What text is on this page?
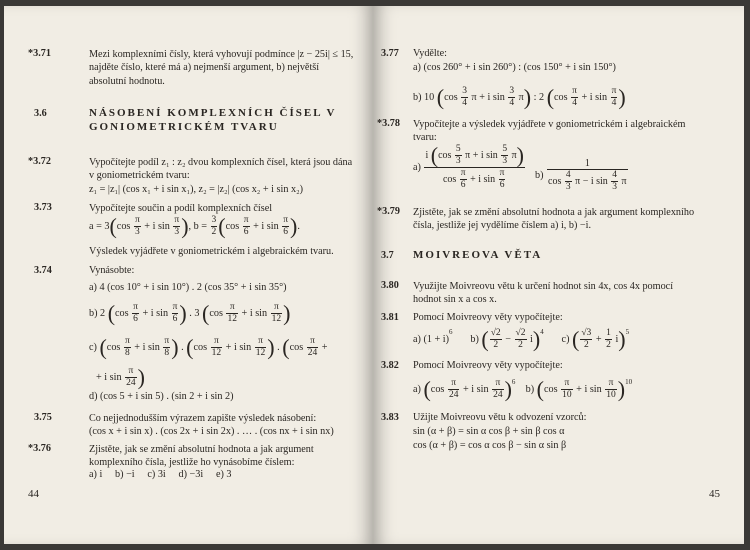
*3.71	Mezi komplexními čísly, která vyhovují podmínce |z − 25i| ≤ 15, najděte číslo, které má a) nejmenší argument, b) největší absolutní hodnotu.
3.6	NÁSOBENÍ KOMPLEXNÍCH ČÍSEL V GONIOMETRICKÉM TVARU
*3.72	Vypočítejte podíl z₁ : z₂ dvou komplexních čísel, která jsou dána v goniometrickém tvaru:
z₁ = |z₁| (cos x₁ + i sin x₁), z₂ = |z₂| (cos x₂ + i sin x₂)
3.73	Vypočítejte součin a podíl komplexních čísel
$a = 3(\cos \frac{\pi}{3} + i$ $\sin \frac{\pi}{3}$ ), $b = \frac{3}{2} (\cos \frac{\pi}{6} + i$ $\sin \frac{\pi}{6}$ ).
Výsledek vyjádřete v goniometrickém i algebraickém tvaru.
3.74	Vynásobte:
a) 4 (cos 10° + i sin 10°) . 2 (cos 35° + i sin 35°)
b) 2 ($\cos \frac{\pi}{6} + i$ $\sin \frac{\pi}{6}$ ) . 3 ($\cos \frac{\pi}{12} + i$ $\sin \frac{\pi}{12}$ )
c) ($\cos \frac{\pi}{8} + i$ $\sin \frac{\pi}{8}$ ) . ($\cos \frac{\pi}{12} + i$ $\sin \frac{\pi}{12}$ ) . ($\cos \frac{\pi}{24}$ +
+ i $\sin \frac{\pi}{24}$ )
d) (cos 5 + i sin 5) . (sin 2 + i sin 2)
3.75	Co nejjednodušším výrazem zapište výsledek násobení:
(cos x + i sin x) . (cos 2x + i sin 2x) . … . (cos nx + i sin nx)
*3.76	Zjistěte, jak se změní absolutní hodnota a jak argument komplexního čísla, jestliže ho vynásobíme číslem:
a) i b) −i c) 3i d) −3i e) 3
44
3.77 Vydělte:
a) (cos 260° + i sin 260°) : (cos 150° + i sin 150°)
b) 10 ($\cos \frac{3}{4}$ π + i $\sin \frac{3}{4} \pi$) : 2 ($\cos \frac{\pi}{4} + i$ $\sin \frac{\pi}{4}$ )
*3.78 Vypočítejte a výsledek vyjádřete v goniometrickém i algebraickém tvaru:
$a) \frac{i (\cos \frac{5}{3} \pi + i \sin \frac{5}{3} \pi)}{\cos \frac{\pi}{6} + i \sin \frac{\pi}{6}} b) \frac{1}{\cos \frac{4}{3} \pi - i \sin \frac{4}{3} \pi}$
*3.79 Zjistěte, jak se změní absolutní hodnota a jak argument komplexního čísla, jestliže jej vydělíme číslem a) i, b) −i.
3.7 MOIVREOVA VĚTA
3.80 Využijte Moivreovu větu k určení hodnot sin 4x, cos 4x pomocí hodnot sin x a cos x.
3.81 Pomocí Moivreovy věty vypočítejte:
a) $(1 + i)^6$       b) ( $\frac{√2}{2} - \frac{√2}{2} i)^4$       c) ( $\frac{√3}{2} + \frac{1}{2} i)^5$
3.82 Pomocí Moivreovy věty vypočítejte:
a) ($\cos \frac{\pi}{24} + i$ $\sin \frac{\pi}{24} )^6$    b) ($\cos \frac{\pi}{10} + i$ $\sin \frac{\pi}{10} )^{10}$
3.83 Užijte Moivreovu větu k odvození vzorců:
sin (α + β) = sin α cos β + sin β cos α
cos (α + β) = cos α cos β − sin α sin β
45
